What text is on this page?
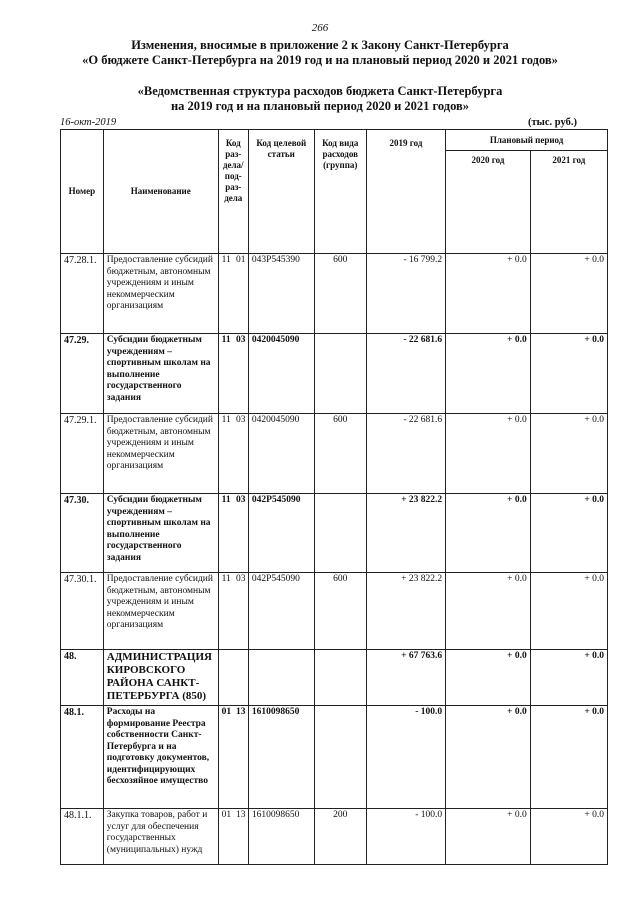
266
Изменения, вносимые в приложение 2 к Закону Санкт-Петербурга
«О бюджете Санкт-Петербурга на 2019 год и на плановый период 2020 и 2021 годов»
«Ведомственная структура расходов бюджета Санкт-Петербурга
на 2019 год и на плановый период 2020 и 2021 годов»
16-окт-2019	(тыс. руб.)
Номер	Наименование	Код раз-дела/ под-раз-дела	Код целевой статьи	Код вида расходов (группа)	2019 год	Плановый период	
						2020 год	2021 год
47.28.1.	Предоставление субсидий бюджетным, автономным учреждениям и иным некоммерческим организациям	11 01	043P545390	600	- 16 799.2	+ 0.0	+ 0.0
47.29.	Субсидии бюджетным учреждениям – спортивным школам на выполнение государственного задания	11 03	0420045090		- 22 681.6	+ 0.0	+ 0.0
47.29.1.	Предоставление субсидий бюджетным, автономным учреждениям и иным некоммерческим организациям	11 03	0420045090	600	- 22 681.6	+ 0.0	+ 0.0
47.30.	Субсидии бюджетным учреждениям – спортивным школам на выполнение государственного задания	11 03	042P545090		+ 23 822.2	+ 0.0	+ 0.0
47.30.1.	Предоставление субсидий бюджетным, автономным учреждениям и иным некоммерческим организациям	11 03	042P545090	600	+ 23 822.2	+ 0.0	+ 0.0
48.	АДМИНИСТРАЦИЯ КИРОВСКОГО РАЙОНА САНКТ-ПЕТЕРБУРГА (850)				+ 67 763.6	+ 0.0	+ 0.0
48.1.	Расходы на формирование Реестра собственности Санкт-Петербурга и на подготовку документов, идентифицирующих бесхозяйное имущество	01 13	1610098650		- 100.0	+ 0.0	+ 0.0
48.1.1.	Закупка товаров, работ и услуг для обеспечения государственных (муниципальных) нужд	01 13	1610098650	200	- 100.0	+ 0.0	+ 0.0
